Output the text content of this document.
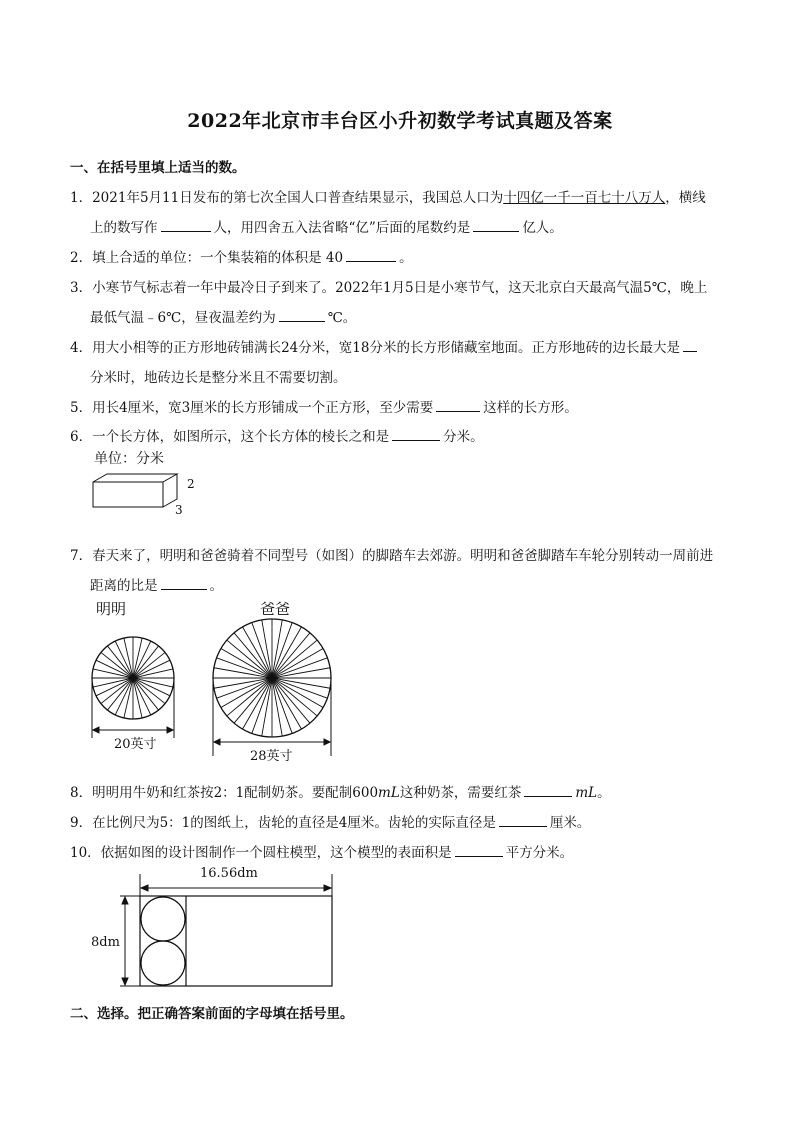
2022年北京市丰台区小升初数学考试真题及答案
一、在括号里填上适当的数。
1．2021年5月11日发布的第七次全国人口普查结果显示，我国总人口为十四亿一千一百七十八万人，横线
上的数写作	人，用四舍五入法省略“亿”后面的尾数约是	亿人。
2．填上合适的单位：一个集装箱的体积是 40	。
3．小寒节气标志着一年中最冷日子到来了。2022年1月5日是小寒节气，这天北京白天最高气温5℃，晚上
最低气温﹣6℃，昼夜温差约为	℃。
4．用大小相等的正方形地砖铺满长24分米，宽18分米的长方形储藏室地面。正方形地砖的边长最大是
分米时，地砖边长是整分米且不需要切割。
5．用长4厘米，宽3厘米的长方形铺成一个正方形，至少需要	这样的长方形。
6．一个长方体，如图所示，这个长方体的棱长之和是	分米。
单位：分米
2
3
7．春天来了，明明和爸爸骑着不同型号（如图）的脚踏车去郊游。明明和爸爸脚踏车车轮分别转动一周前进
距离的比是	。
明明	爸爸
20英寸
28英寸
8．明明用牛奶和红茶按2：1配制奶茶。要配制600mL这种奶茶，需要红茶	mL。
9．在比例尺为5：1的图纸上，齿轮的直径是4厘米。齿轮的实际直径是	厘米。
10．依据如图的设计图制作一个圆柱模型，这个模型的表面积是	平方分米。
16.56dm
8dm
二、选择。把正确答案前面的字母填在括号里。
